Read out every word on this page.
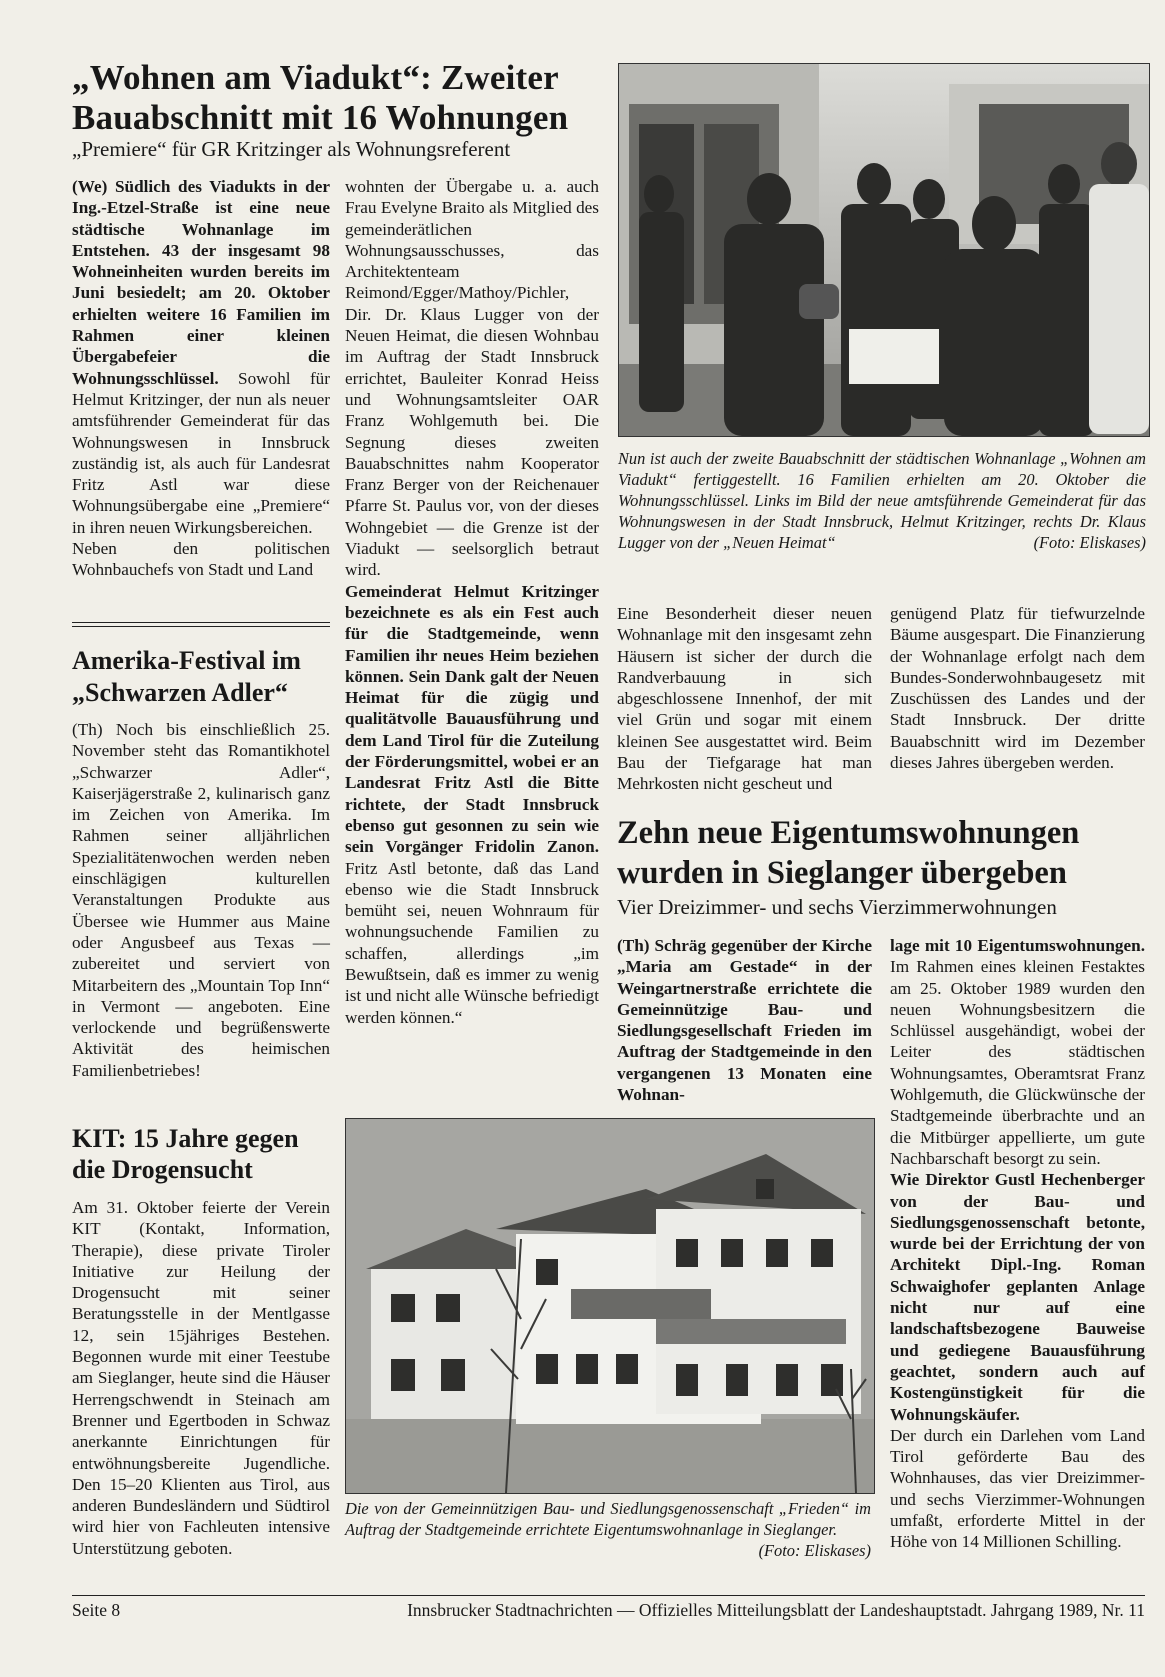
„Wohnen am Viadukt“: Zweiter
Bauabschnitt mit 16 Wohnungen
„Premiere“ für GR Kritzinger als Wohnungsreferent

(We) Südlich des Viadukts in der Ing.-Etzel-Straße ist eine neue städtische Wohnanlage im Entstehen. 43 der insgesamt 98 Wohneinheiten wurden bereits im Juni besiedelt; am 20. Oktober erhielten weitere 16 Familien im Rahmen einer kleinen Übergabefeier die Wohnungsschlüssel. Sowohl für Helmut Kritzinger, der nun als neuer amtsführender Gemeinderat für das Wohnungswesen in Innsbruck zuständig ist, als auch für Landesrat Fritz Astl war diese Wohnungsübergabe eine „Premiere“ in ihren neuen Wirkungsbereichen.
Neben den politischen Wohnbauchefs von Stadt und Land

wohnten der Übergabe u. a. auch Frau Evelyne Braito als Mitglied des gemeinderätlichen Wohnungsausschusses, das Architektenteam Reimond/Egger/Mathoy/Pichler, Dir. Dr. Klaus Lugger von der Neuen Heimat, die diesen Wohnbau im Auftrag der Stadt Innsbruck errichtet, Bauleiter Konrad Heiss und Wohnungsamtsleiter OAR Franz Wohlgemuth bei. Die Segnung dieses zweiten Bauabschnittes nahm Kooperator Franz Berger von der Reichenauer Pfarre St. Paulus vor, von der dieses Wohngebiet — die Grenze ist der Viadukt — seelsorglich betraut wird.
Gemeinderat Helmut Kritzinger bezeichnete es als ein Fest auch für die Stadtgemeinde, wenn Familien ihr neues Heim beziehen können. Sein Dank galt der Neuen Heimat für die zügig und qualitätvolle Bauausführung und dem Land Tirol für die Zuteilung der Förderungsmittel, wobei er an Landesrat Fritz Astl die Bitte richtete, der Stadt Innsbruck ebenso gut gesonnen zu sein wie sein Vorgänger Fridolin Zanon. Fritz Astl betonte, daß das Land ebenso wie die Stadt Innsbruck bemüht sei, neuen Wohnraum für wohnungsuchende Familien zu schaffen, allerdings „im Bewußtsein, daß es immer zu wenig ist und nicht alle Wünsche befriedigt werden können.“

Nun ist auch der zweite Bauabschnitt der städtischen Wohnanlage „Wohnen am Viadukt“ fertiggestellt. 16 Familien erhielten am 20. Oktober die Wohnungsschlüssel. Links im Bild der neue amtsführende Gemeinderat für das Wohnungswesen in der Stadt Innsbruck, Helmut Kritzinger, rechts Dr. Klaus Lugger von der „Neuen Heimat“	(Foto: Eliskases)

Eine Besonderheit dieser neuen Wohnanlage mit den insgesamt zehn Häusern ist sicher der durch die Randverbauung in sich abgeschlossene Innenhof, der mit viel Grün und sogar mit einem kleinen See ausgestattet wird. Beim Bau der Tiefgarage hat man Mehrkosten nicht gescheut und

genügend Platz für tiefwurzelnde Bäume ausgespart. Die Finanzierung der Wohnanlage erfolgt nach dem Bundes-Sonderwohnbaugesetz mit Zuschüssen des Landes und der Stadt Innsbruck. Der dritte Bauabschnitt wird im Dezember dieses Jahres übergeben werden.

Amerika-Festival im
„Schwarzen Adler“

(Th) Noch bis einschließlich 25. November steht das Romantikhotel „Schwarzer Adler“, Kaiserjägerstraße 2, kulinarisch ganz im Zeichen von Amerika. Im Rahmen seiner alljährlichen Spezialitätenwochen werden neben einschlägigen kulturellen Veranstaltungen Produkte aus Übersee wie Hummer aus Maine oder Angusbeef aus Texas — zubereitet und serviert von Mitarbeitern des „Mountain Top Inn“ in Vermont — angeboten. Eine verlockende und begrüßenswerte Aktivität des heimischen Familienbetriebes!

KIT: 15 Jahre gegen
die Drogensucht

Am 31. Oktober feierte der Verein KIT (Kontakt, Information, Therapie), diese private Tiroler Initiative zur Heilung der Drogensucht mit seiner Beratungsstelle in der Mentlgasse 12, sein 15jähriges Bestehen. Begonnen wurde mit einer Teestube am Sieglanger, heute sind die Häuser Herrengschwendt in Steinach am Brenner und Egertboden in Schwaz anerkannte Einrichtungen für entwöhnungsbereite Jugendliche. Den 15–20 Klienten aus Tirol, aus anderen Bundesländern und Südtirol wird hier von Fachleuten intensive Unterstützung geboten.

Zehn neue Eigentumswohnungen
wurden in Sieglanger übergeben
Vier Dreizimmer- und sechs Vierzimmerwohnungen

(Th) Schräg gegenüber der Kirche „Maria am Gestade“ in der Weingartnerstraße errichtete die Gemeinnützige Bau- und Siedlungsgesellschaft Frieden im Auftrag der Stadtgemeinde in den vergangenen 13 Monaten eine Wohnan-

lage mit 10 Eigentumswohnungen. Im Rahmen eines kleinen Festaktes am 25. Oktober 1989 wurden den neuen Wohnungsbesitzern die Schlüssel ausgehändigt, wobei der Leiter des städtischen Wohnungsamtes, Oberamtsrat Franz Wohlgemuth, die Glückwünsche der Stadtgemeinde überbrachte und an die Mitbürger appellierte, um gute Nachbarschaft besorgt zu sein.
Wie Direktor Gustl Hechenberger von der Bau- und Siedlungsgenossenschaft betonte, wurde bei der Errichtung der von Architekt Dipl.-Ing. Roman Schwaighofer geplanten Anlage nicht nur auf eine landschaftsbezogene Bauweise und gediegene Bauausführung geachtet, sondern auch auf Kostengünstigkeit für die Wohnungskäufer.
Der durch ein Darlehen vom Land Tirol geförderte Bau des Wohnhauses, das vier Dreizimmer- und sechs Vierzimmer-Wohnungen umfaßt, erforderte Mittel in der Höhe von 14 Millionen Schilling.

Die von der Gemeinnützigen Bau- und Siedlungsgenossenschaft „Frieden“ im Auftrag der Stadtgemeinde errichtete Eigentumswohnanlage in Sieglanger.
(Foto: Eliskases)

Seite 8	Innsbrucker Stadtnachrichten — Offizielles Mitteilungsblatt der Landeshauptstadt. Jahrgang 1989, Nr. 11
